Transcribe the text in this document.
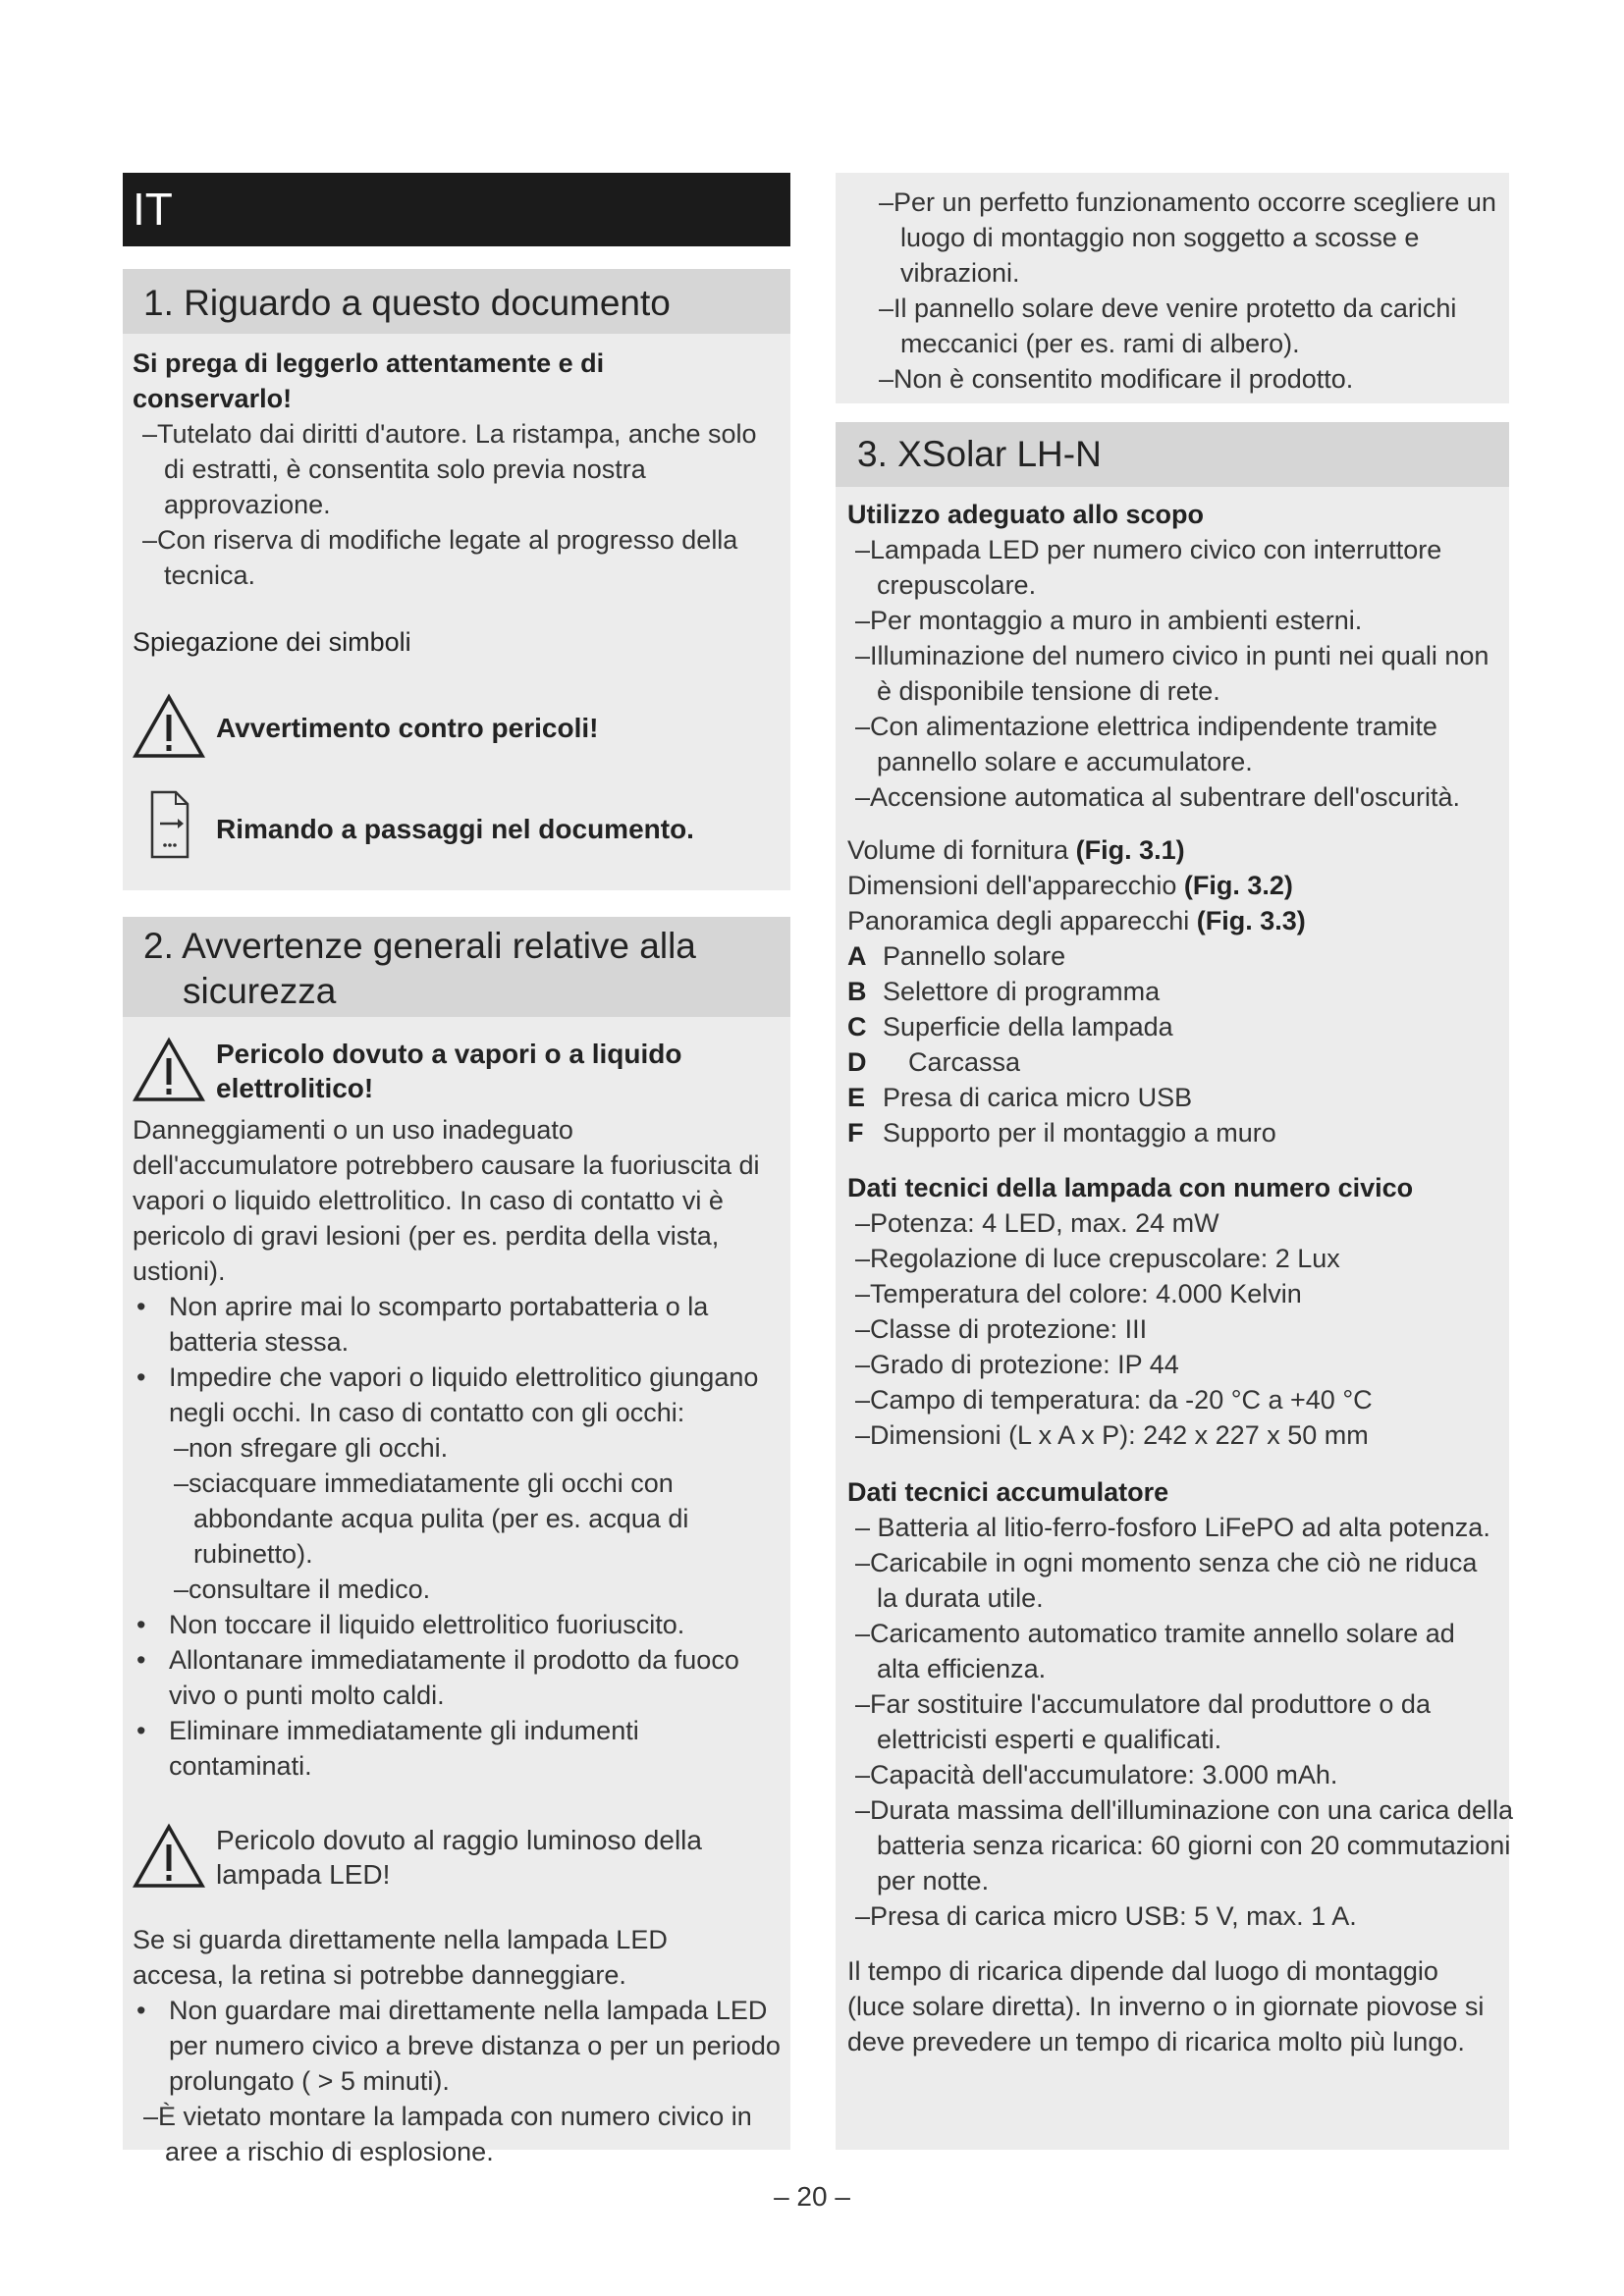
IT
1. Riguardo a questo documento
Si prega di leggerlo attentamente e di conservarlo!
–Tutelato dai diritti d'autore. La ristampa, anche solo di estratti, è consentita solo previa nostra approvazione.
–Con riserva di modifiche legate al progresso della tecnica.
Spiegazione dei simboli
Avvertimento contro pericoli!
Rimando a passaggi nel documento.
2. Avvertenze generali relative alla
sicurezza
Pericolo dovuto a vapori o a liquido elettrolitico!
Danneggiamenti o un uso inadeguato dell'accumulatore potrebbero causare la fuoriuscita di vapori o liquido elettrolitico. In caso di contatto vi è pericolo di gravi lesioni (per es. perdita della vista, ustioni).
• Non aprire mai lo scomparto portabatteria o la batteria stessa.
• Impedire che vapori o liquido elettrolitico giungano negli occhi. In caso di contatto con gli occhi:
–non sfregare gli occhi.
–sciacquare immediatamente gli occhi con abbondante acqua pulita (per es. acqua di rubinetto).
–consultare il medico.
• Non toccare il liquido elettrolitico fuoriuscito.
• Allontanare immediatamente il prodotto da fuoco vivo o punti molto caldi.
• Eliminare immediatamente gli indumenti contaminati.
Pericolo dovuto al raggio luminoso della lampada LED!
Se si guarda direttamente nella lampada LED accesa, la retina si potrebbe danneggiare.
• Non guardare mai direttamente nella lampada LED per numero civico a breve distanza o per un periodo prolungato ( > 5 minuti).
–È vietato montare la lampada con numero civico in aree a rischio di esplosione.
–Per un perfetto funzionamento occorre scegliere un luogo di montaggio non soggetto a scosse e vibrazioni.
–Il pannello solare deve venire protetto da carichi meccanici (per es. rami di albero).
–Non è consentito modificare il prodotto.
3. XSolar LH-N
Utilizzo adeguato allo scopo
–Lampada LED per numero civico con interruttore crepuscolare.
–Per montaggio a muro in ambienti esterni.
–Illuminazione del numero civico in punti nei quali non è disponibile tensione di rete.
–Con alimentazione elettrica indipendente tramite pannello solare e accumulatore.
–Accensione automatica al subentrare dell'oscurità.
Volume di fornitura (Fig. 3.1)
Dimensioni dell'apparecchio (Fig. 3.2)
Panoramica degli apparecchi (Fig. 3.3)
A Pannello solare
B Selettore di programma
C Superficie della lampada
D	Carcassa
E Presa di carica micro USB
F Supporto per il montaggio a muro
Dati tecnici della lampada con numero civico
–Potenza: 4 LED, max. 24 mW
–Regolazione di luce crepuscolare: 2 Lux
–Temperatura del colore: 4.000 Kelvin
–Classe di protezione: III
–Grado di protezione: IP 44
–Campo di temperatura: da -20 °C a +40 °C
–Dimensioni (L x A x P): 242 x 227 x 50 mm
Dati tecnici accumulatore
– Batteria al litio-ferro-fosforo LiFePO ad alta potenza.
–Caricabile in ogni momento senza che ciò ne riduca la durata utile.
–Caricamento automatico tramite annello solare ad alta efficienza.
–Far sostituire l'accumulatore dal produttore o da elettricisti esperti e qualificati.
–Capacità dell'accumulatore: 3.000 mAh.
–Durata massima dell'illuminazione con una carica della batteria senza ricarica: 60 giorni con 20 commutazioni per notte.
–Presa di carica micro USB: 5 V, max. 1 A.
Il tempo di ricarica dipende dal luogo di montaggio (luce solare diretta). In inverno o in giornate piovose si deve prevedere un tempo di ricarica molto più lungo.
– 20 –
